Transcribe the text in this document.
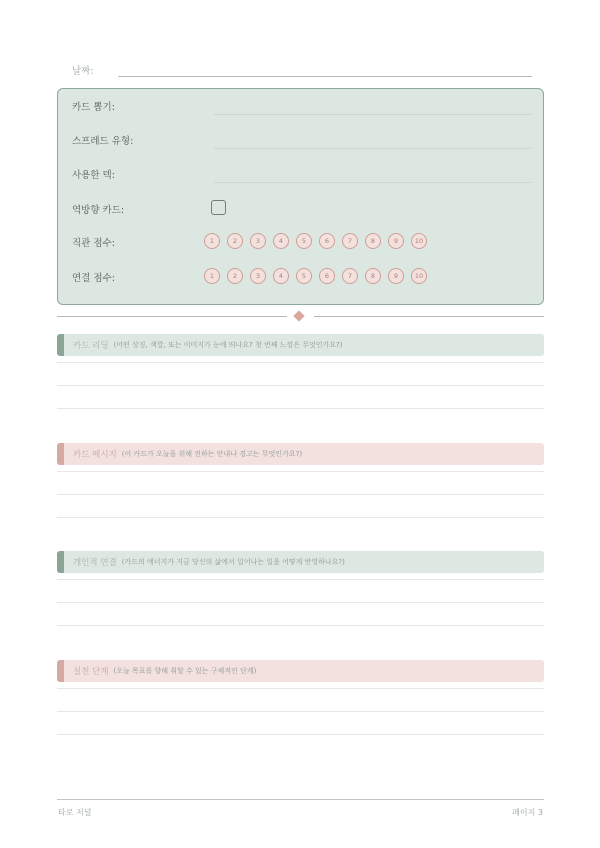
날짜:
카드 뽑기:
스프레드 유형:
사용한 덱:
역방향 카드:
직관 점수:	1	2	3	4	5	6	7	8	9	10
연결 점수:	1	2	3	4	5	6	7	8	9	10
카드 리딩 (어떤 상징, 색깔, 또는 이미지가 눈에 띄나요? 첫 번째 느낌은 무엇인가요?)
카드 메시지 (이 카드가 오늘을 위해 전하는 안내나 경고는 무엇인가요?)
개인적 연결 (카드의 에너지가 지금 당신의 삶에서 일어나는 일을 어떻게 반영하나요?)
실천 단계 (오늘 목표를 향해 취할 수 있는 구체적인 단계)
타로 저널	페이지 3
